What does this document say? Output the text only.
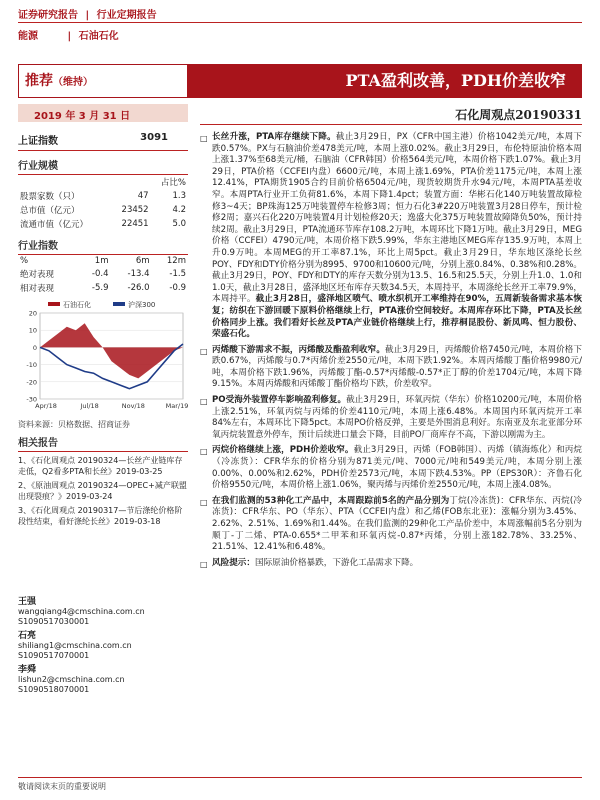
证券研究报告 | 行业定期报告
能源	| 石油石化
推荐（维持）	PTA盈利改善，PDH价差收窄
2019 年 3 月 31 日	石化周观点20190331
上证指数	3091
行业规模
		占比%
股票家数（只）	47	1.3
总市值（亿元）	23452	4.2
流通市值（亿元）	22451	5.0
行业指数
%	1m	6m	12m
绝对表现	-0.4	-13.4	-1.5
相对表现	-5.9	-26.0	-0.9
石油石化	沪深300
20
10
0
-10
-20
-30
Apr/18	Jul/18	Nov/18	Mar/19
资料来源：贝格数据、招商证券
相关报告
1、《石化周观点 20190324—长丝产业链库存走低，Q2看多PTA和长丝》2019-03-25
2、《原油周观点 20190324—OPEC+减产联盟出现裂痕？》2019-03-24
3、《石化周观点 20190317—节后涤纶价格阶段性结束，看好涤纶长丝》2019-03-18
王强
wangqiang4@cmschina.com.cn
S1090517030001
石亮
shiliang1@cmschina.com.cn
S1090517070001
李舜
lishun2@cmschina.com.cn
S1090518070001
□ 长丝升涨，PTA库存继续下降。截止3月29日，PX（CFR中国主港）价格1042美元/吨，本周下跌0.57%。PX与石脑油价差478美元/吨，本周上涨0.02%。截止3月29日，布伦特原油价格本周上涨1.37%至68美元/桶，石脑油（CFR韩国）价格564美元/吨，本周价格下跌1.07%。截止3月29日，PTA价格（CCFEI内盘）6600元/吨，本周上涨1.69%，PTA价差1175元/吨，本周上涨12.41%，PTA期货1905合约目前价格6504元/吨，现货较期货升水94元/吨，本周PTA基差收窄。本周PTA行业开工负荷81.6%，本周下降1.4pct；装置方面：华彬石化140万吨装置故障检修3~4天；BP珠海125万吨装置停车检修3周；恒力石化3#220万吨装置3月28日停车，预计检修2周；嘉兴石化220万吨装置4月计划检修20天；逸盛大化375万吨装置故障降负50%，预计持续2周。截止3月29日，PTA流通环节库存108.2万吨，本周环比下降1万吨。截止3月29日，MEG价格（CCFEI）4790元/吨，本周价格下跌5.99%，华东主港地区MEG库存135.9万吨，本周上升0.9万吨。本周MEG的开工率87.1%，环比上周5pct。截止3月29日，华东地区涤纶长丝POY、FDY和DTY价格分别为8995、9700和10600元/吨，分别上涨0.84%、0.38%和0.28%。截止3月29日，POY、FDY和DTY的库存天数分别为13.5、16.5和25.5天，分别上升1.0、1.0和1.0天，截止3月28日，盛泽地区坯布库存天数34.5天，本周持平，本周涤纶长丝开工率79.9%，本周持平。截止3月28日，盛泽地区喷气、喷水织机开工率维持在90%，五周新装备需求基本恢复；纺织在下游回暖下原料价格继续上行，PTA涨价空间较好。本周库存环比下降，PTA及长丝价格同步上涨。我们看好长丝及PTA产业链价格继续上行，推荐桐昆股份、新凤鸣、恒力股份、荣盛石化。
□ 丙烯酸下游需求不振，丙烯酸及酯盈利收窄。截止3月29日，丙烯酸价格7450元/吨，本周价格下跌0.67%，丙烯酸与0.7*丙烯价差2550元/吨，本周下跌1.92%。本周丙烯酸丁酯价格9980元/吨，本周价格下跌1.96%，丙烯酸丁酯-0.57*丙烯酸-0.57*正丁醇的价差1704元/吨，本周下降9.15%。本周丙烯酸和丙烯酸丁酯价格均下跌，价差收窄。
□ PO受海外装置停车影响盈利修复。截止3月29日，环氧丙烷（华东）价格10200元/吨，本周价格上涨2.51%，环氧丙烷与丙烯的价差4110元/吨，本周上涨6.48%。本周国内环氧丙烷开工率84%左右，本周环比下降5pct。本周PO价格反弹，主要是外围消息利好。东南亚及东北亚部分环氧丙烷装置意外停车，预计后续进口量会下降，目前PO厂商库存不高，下游以刚需为主。
□ 丙烷价格继续上涨，PDH价差收窄。截止3月29日，丙烯（FOB韩国）、丙烯（镇海炼化）和丙烷（冷冻货）：CFR华东的价格分别为871美元/吨、7000元/吨和549美元/吨，本周分别上涨0.00%、0.00%和2.62%，PDH价差2573元/吨，本周下跌4.53%。PP（EPS30R）：齐鲁石化价格9550元/吨，本周价格上涨1.06%，聚丙烯与丙烯价差2550元/吨，本周上涨4.08%。
□ 在我们监测的53种化工产品中，本周跟踪前5名的产品分别为丁烷(冷冻货)：CFR华东、丙烷(冷冻货)：CFR华东、PO（华东）、PTA（CCFEI内盘）和乙烯(FOB东北亚)：涨幅分别为3.45%、2.62%、2.51%、1.69%和1.44%。在我们监测的29种化工产品价差中，本周涨幅前5名分别为顺丁-丁二烯、PTA-0.655*二甲苯和环氧丙烷-0.87*丙烯，分别上涨182.78%、33.25%、21.51%、12.41%和6.48%。
□ 风险提示：国际原油价格暴跌，下游化工品需求下降。
敬请阅读末页的重要说明
